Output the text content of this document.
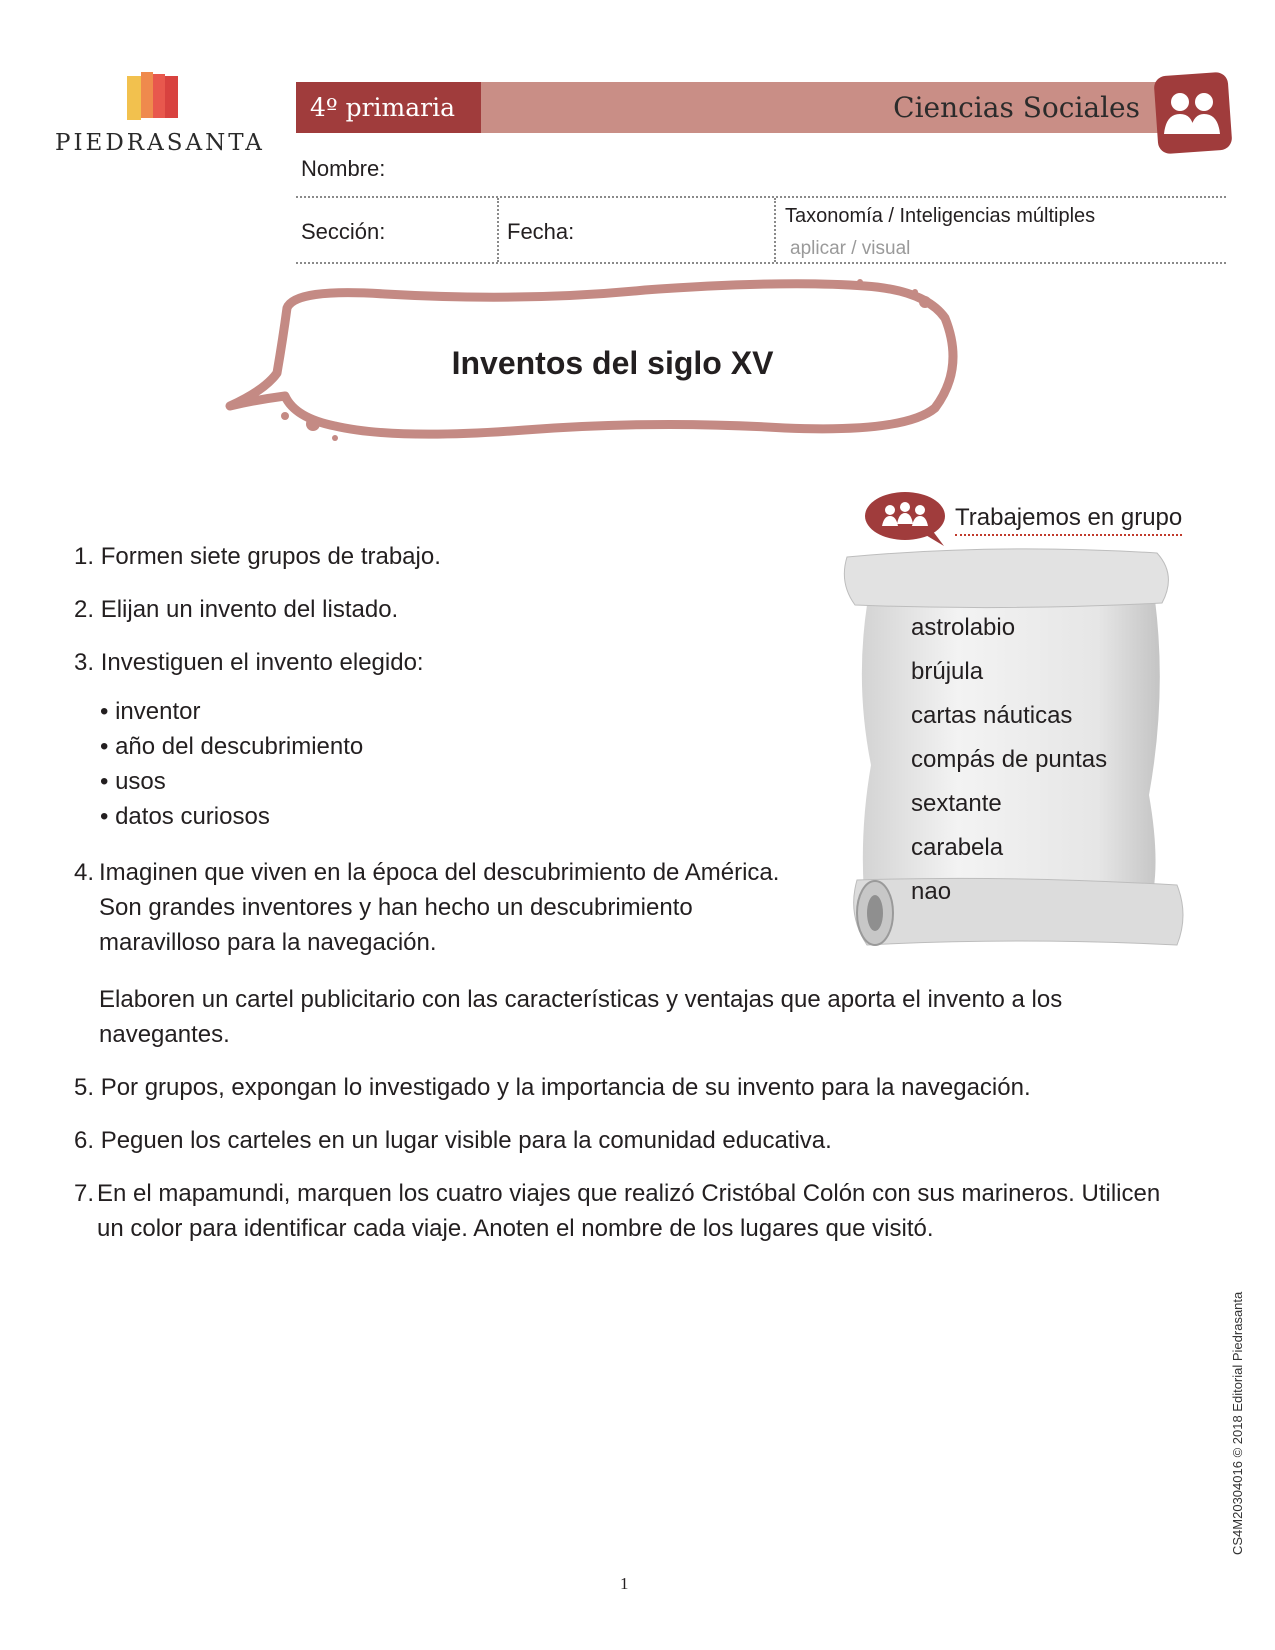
PIEDRASANTA
4º primaria	Ciencias Sociales
Nombre:
Sección:	Fecha:
Taxonomía / Inteligencias múltiples
aplicar / visual
Inventos del siglo XV
Trabajemos en grupo
astrolabio
brújula
cartas náuticas
compás de puntas
sextante
carabela
nao
1. Formen siete grupos de trabajo.
2. Elijan un invento del listado.
3. Investiguen el invento elegido:
• inventor
• año del descubrimiento
• usos
• datos curiosos
4. Imaginen que viven en la época del descubrimiento de América.
Son grandes inventores y han hecho un descubrimiento
maravilloso para la navegación.
Elaboren un cartel publicitario con las características y ventajas que aporta el invento a los
navegantes.
5. Por grupos, expongan lo investigado y la importancia de su invento para la navegación.
6. Peguen los carteles en un lugar visible para la comunidad educativa.
7. En el mapamundi, marquen los cuatro viajes que realizó Cristóbal Colón con sus marineros. Utilicen
un color para identificar cada viaje. Anoten el nombre de los lugares que visitó.
1
CS4M20304016 © 2018 Editorial Piedrasanta
